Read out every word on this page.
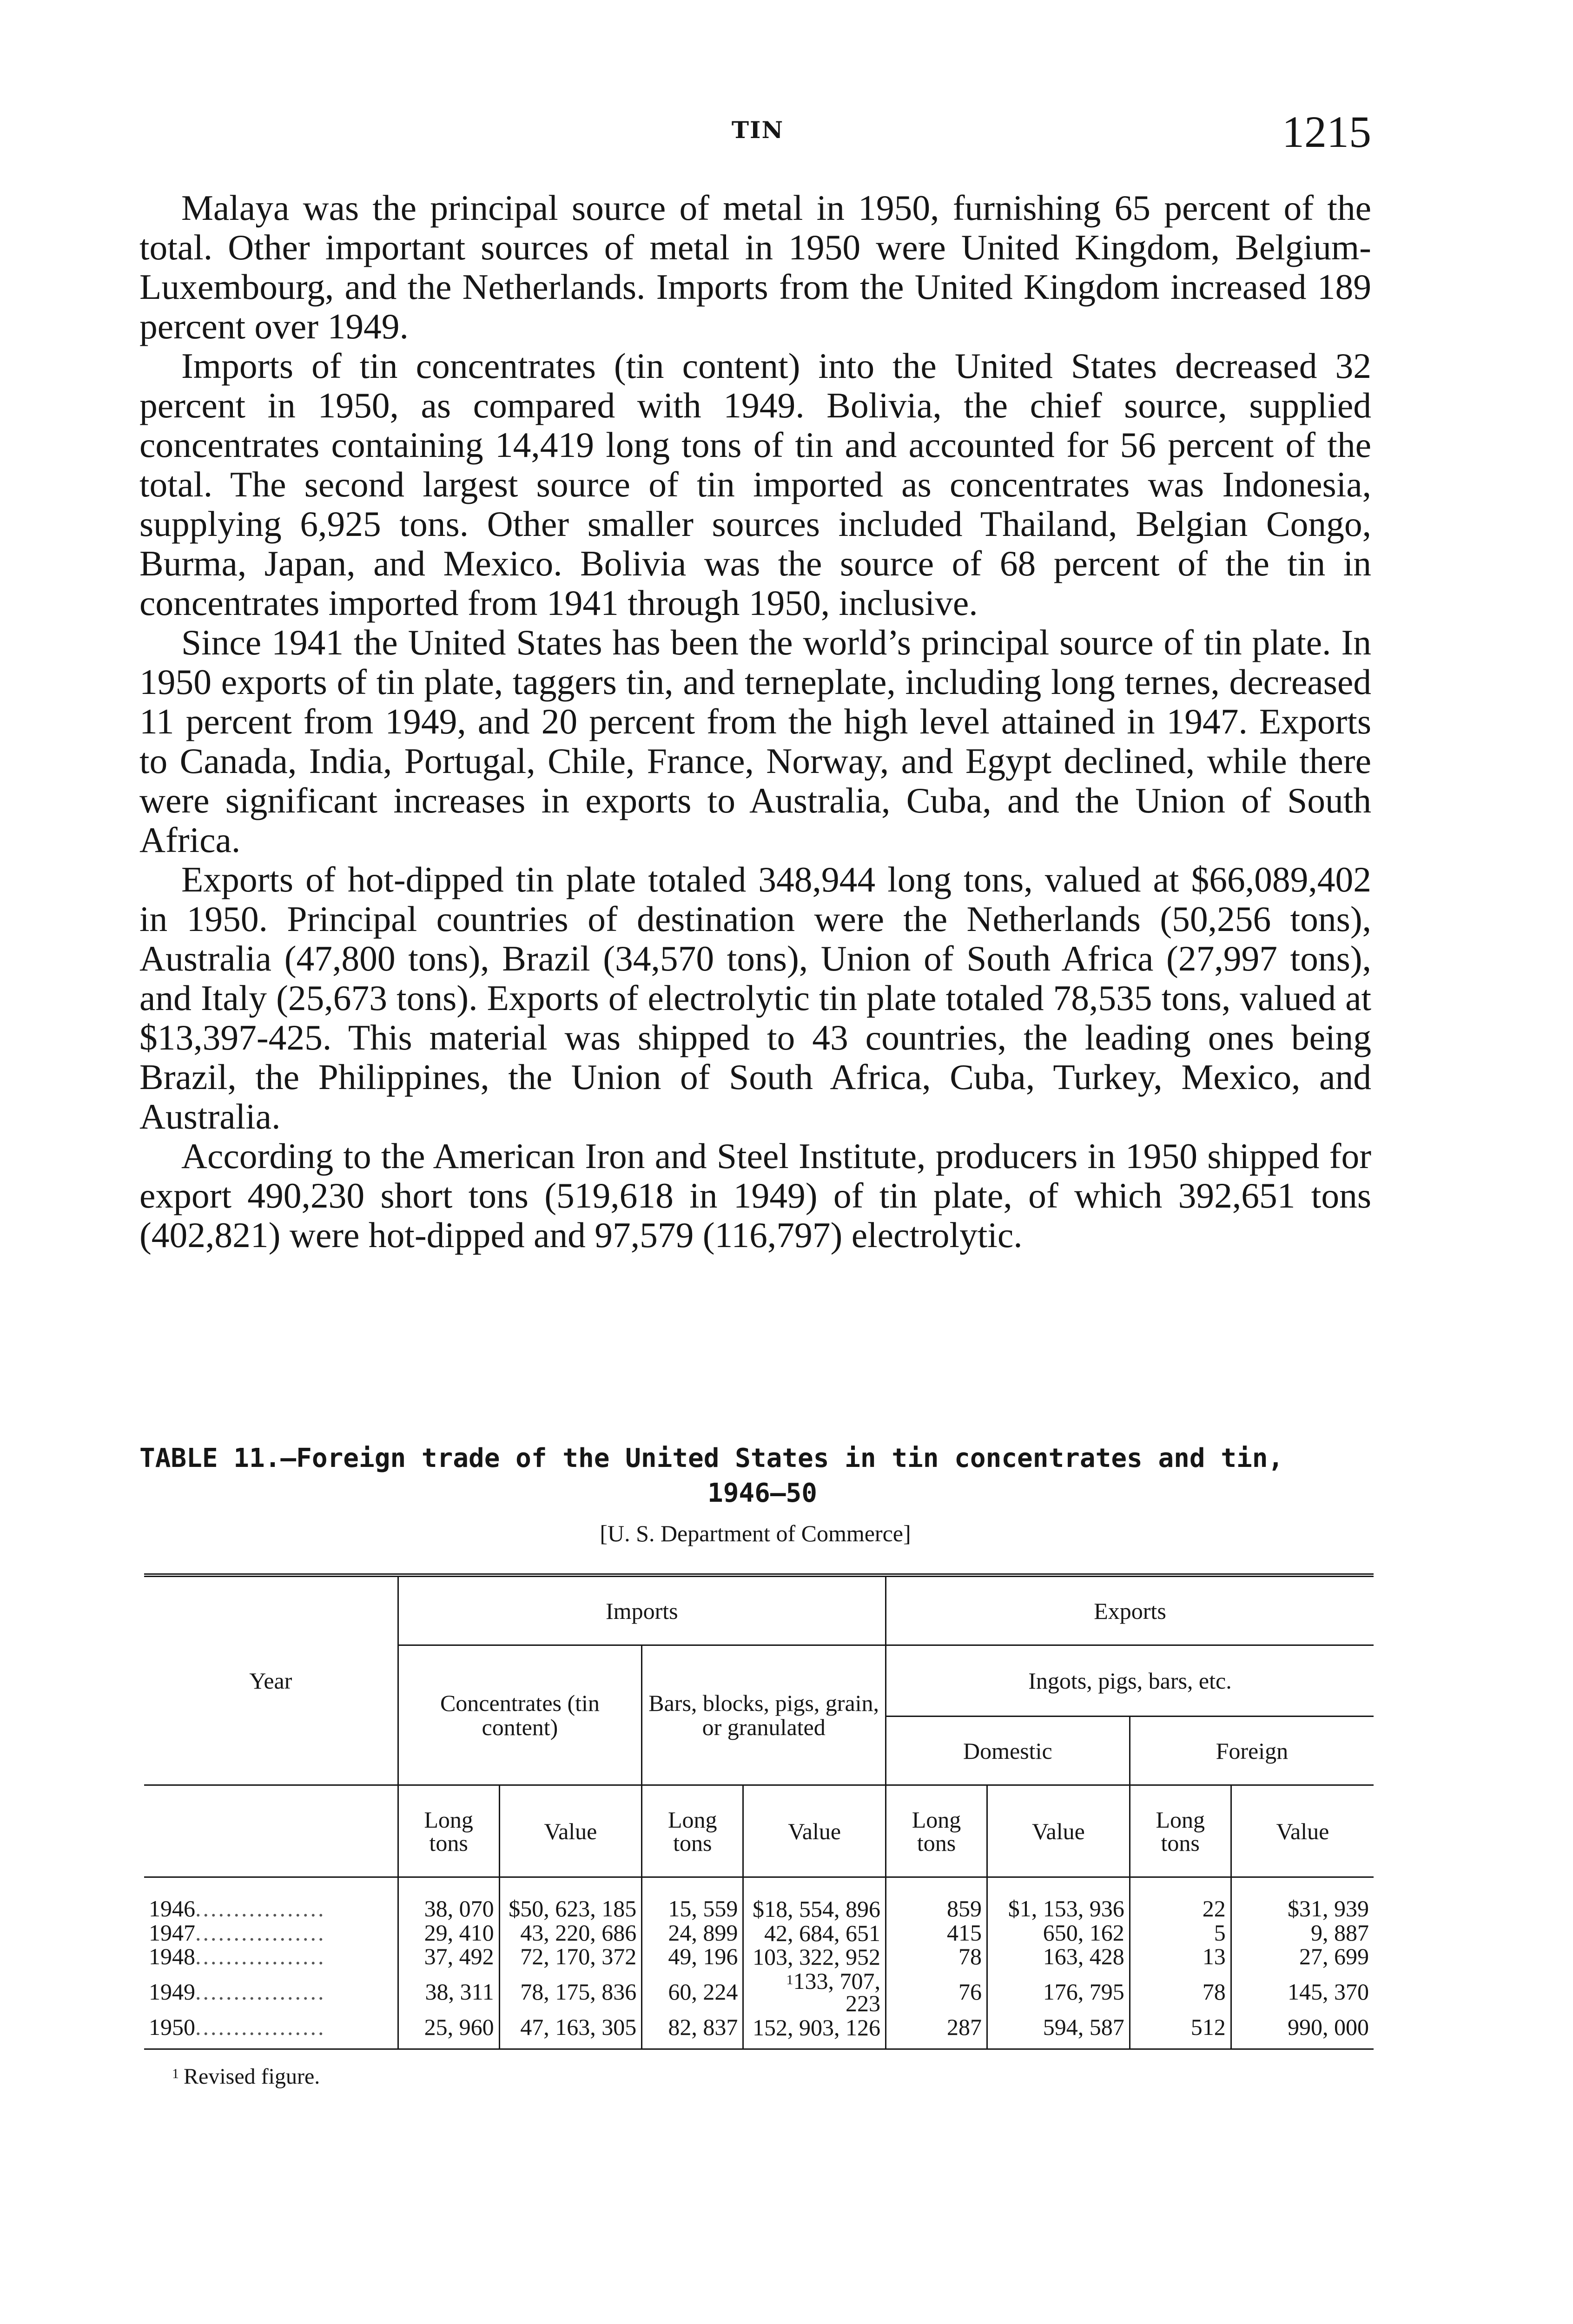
TIN	1215

Malaya was the principal source of metal in 1950, furnishing 65 percent of the total. Other important sources of metal in 1950 were United Kingdom, Belgium-Luxembourg, and the Netherlands. Imports from the United Kingdom increased 189 percent over 1949.

Imports of tin concentrates (tin content) into the United States decreased 32 percent in 1950, as compared with 1949. Bolivia, the chief source, supplied concentrates containing 14,419 long tons of tin and accounted for 56 percent of the total. The second largest source of tin imported as concentrates was Indonesia, supplying 6,925 tons. Other smaller sources included Thailand, Belgian Congo, Burma, Japan, and Mexico. Bolivia was the source of 68 percent of the tin in concentrates imported from 1941 through 1950, inclusive.

Since 1941 the United States has been the world’s principal source of tin plate. In 1950 exports of tin plate, taggers tin, and terneplate, including long ternes, decreased 11 percent from 1949, and 20 percent from the high level attained in 1947. Exports to Canada, India, Portugal, Chile, France, Norway, and Egypt declined, while there were significant increases in exports to Australia, Cuba, and the Union of South Africa.

Exports of hot-dipped tin plate totaled 348,944 long tons, valued at $66,089,402 in 1950. Principal countries of destination were the Netherlands (50,256 tons), Australia (47,800 tons), Brazil (34,570 tons), Union of South Africa (27,997 tons), and Italy (25,673 tons). Exports of electrolytic tin plate totaled 78,535 tons, valued at $13,397-425. This material was shipped to 43 countries, the leading ones being Brazil, the Philippines, the Union of South Africa, Cuba, Turkey, Mexico, and Australia.

According to the American Iron and Steel Institute, producers in 1950 shipped for export 490,230 short tons (519,618 in 1949) of tin plate, of which 392,651 tons (402,821) were hot-dipped and 97,579 (116,797) electrolytic.

TABLE 11.—Foreign trade of the United States in tin concentrates and tin,
1946–50
[U. S. Department of Commerce]
Year	Imports				Exports			
	Concentrates (tin content)		Bars, blocks, pigs, grain, or granulated		Ingots, pigs, bars, etc.			
					Domestic		Foreign	
	Long tons	Value	Long tons	Value	Long tons	Value	Long tons	Value
1946.................	38, 070	$50, 623, 185	15, 559	$18, 554, 896	859	$1, 153, 936	22	$31, 939
1947.................	29, 410	43, 220, 686	24, 899	42, 684, 651	415	650, 162	5	9, 887
1948.................	37, 492	72, 170, 372	49, 196	103, 322, 952	78	163, 428	13	27, 699
1949.................	38, 311	78, 175, 836	60, 224	$^1$133, 707, 223	76	176, 795	78	145, 370
1950.................	25, 960	47, 163, 305	82, 837	152, 903, 126	287	594, 587	512	990, 000
$^1$ Revised figure.
